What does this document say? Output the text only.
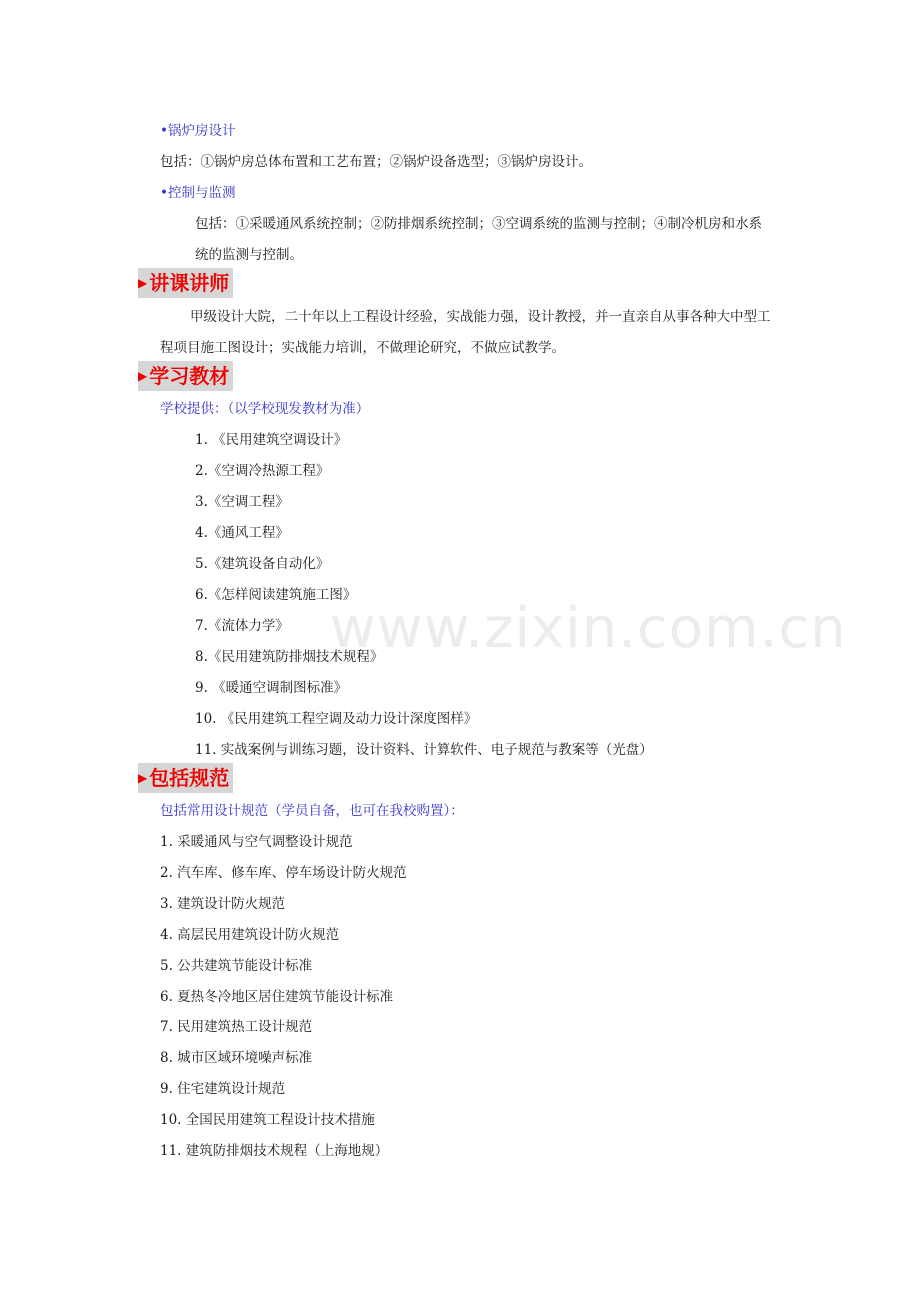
www.zixin.com.cn
•锅炉房设计
包括：①锅炉房总体布置和工艺布置；②锅炉设备选型；③锅炉房设计。
•控制与监测
包括：①采暖通风系统控制；②防排烟系统控制；③空调系统的监测与控制；④制冷机房和水系
统的监测与控制。
▶ 讲课讲师
甲级设计大院，二十年以上工程设计经验，实战能力强，设计教授，并一直亲自从事各种大中型工
程项目施工图设计；实战能力培训，不做理论研究，不做应试教学。
▶ 学习教材
学校提供：（以学校现发教材为准）
1. 《民用建筑空调设计》
2.《空调冷热源工程》
3.《空调工程》
4.《通风工程》
5.《建筑设备自动化》
6.《怎样阅读建筑施工图》
7.《流体力学》
8.《民用建筑防排烟技术规程》
9. 《暖通空调制图标准》
10. 《民用建筑工程空调及动力设计深度图样》
11. 实战案例与训练习题，设计资料、计算软件、电子规范与教案等（光盘）
▶ 包括规范
包括常用设计规范（学员自备，也可在我校购置）：
1. 采暖通风与空气调整设计规范
2. 汽车库、修车库、停车场设计防火规范
3. 建筑设计防火规范
4. 高层民用建筑设计防火规范
5. 公共建筑节能设计标准
6. 夏热冬冷地区居住建筑节能设计标准
7. 民用建筑热工设计规范
8. 城市区域环境噪声标准
9. 住宅建筑设计规范
10. 全国民用建筑工程设计技术措施
11. 建筑防排烟技术规程（上海地规）
